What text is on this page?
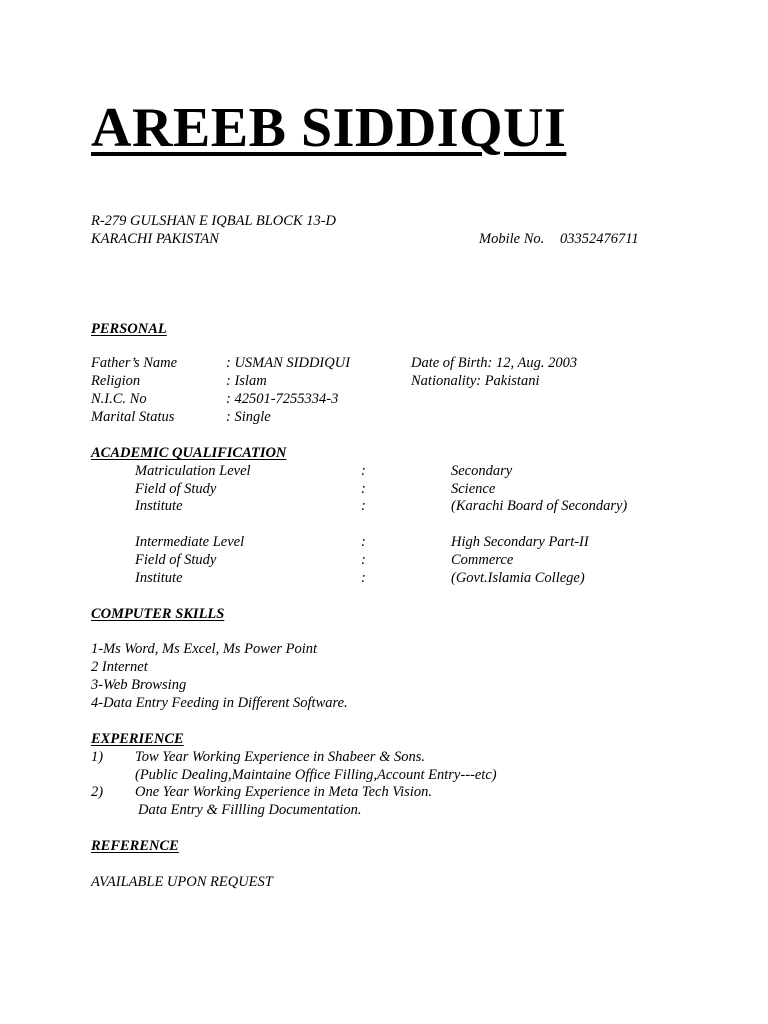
AREEB SIDDIQUI
R-279 GULSHAN E IQBAL BLOCK 13-D
KARACHI PAKISTAN	Mobile No. 03352476711
PERSONAL
Father’s Name	: USMAN SIDDIQUI	Date of Birth: 12, Aug. 2003
Religion	: Islam	Nationality: Pakistani
N.I.C. No	: 42501-7255334-3
Marital Status	: Single
ACADEMIC QUALIFICATION
Matriculation Level	:	Secondary
Field of Study	:	Science
Institute	:	(Karachi Board of Secondary)
Intermediate Level	:	High Secondary Part-II
Field of Study	:	Commerce
Institute	:	(Govt.Islamia College)
COMPUTER SKILLS
1-Ms Word, Ms Excel, Ms Power Point
2 Internet
3-Web Browsing
4-Data Entry Feeding in Different Software.
EXPERIENCE
1) Tow Year Working Experience in Shabeer & Sons.
(Public Dealing,Maintaine Office Filling,Account Entry---etc)
2) One Year Working Experience in Meta Tech Vision.
Data Entry & Fillling Documentation.
REFERENCE
AVAILABLE UPON REQUEST
